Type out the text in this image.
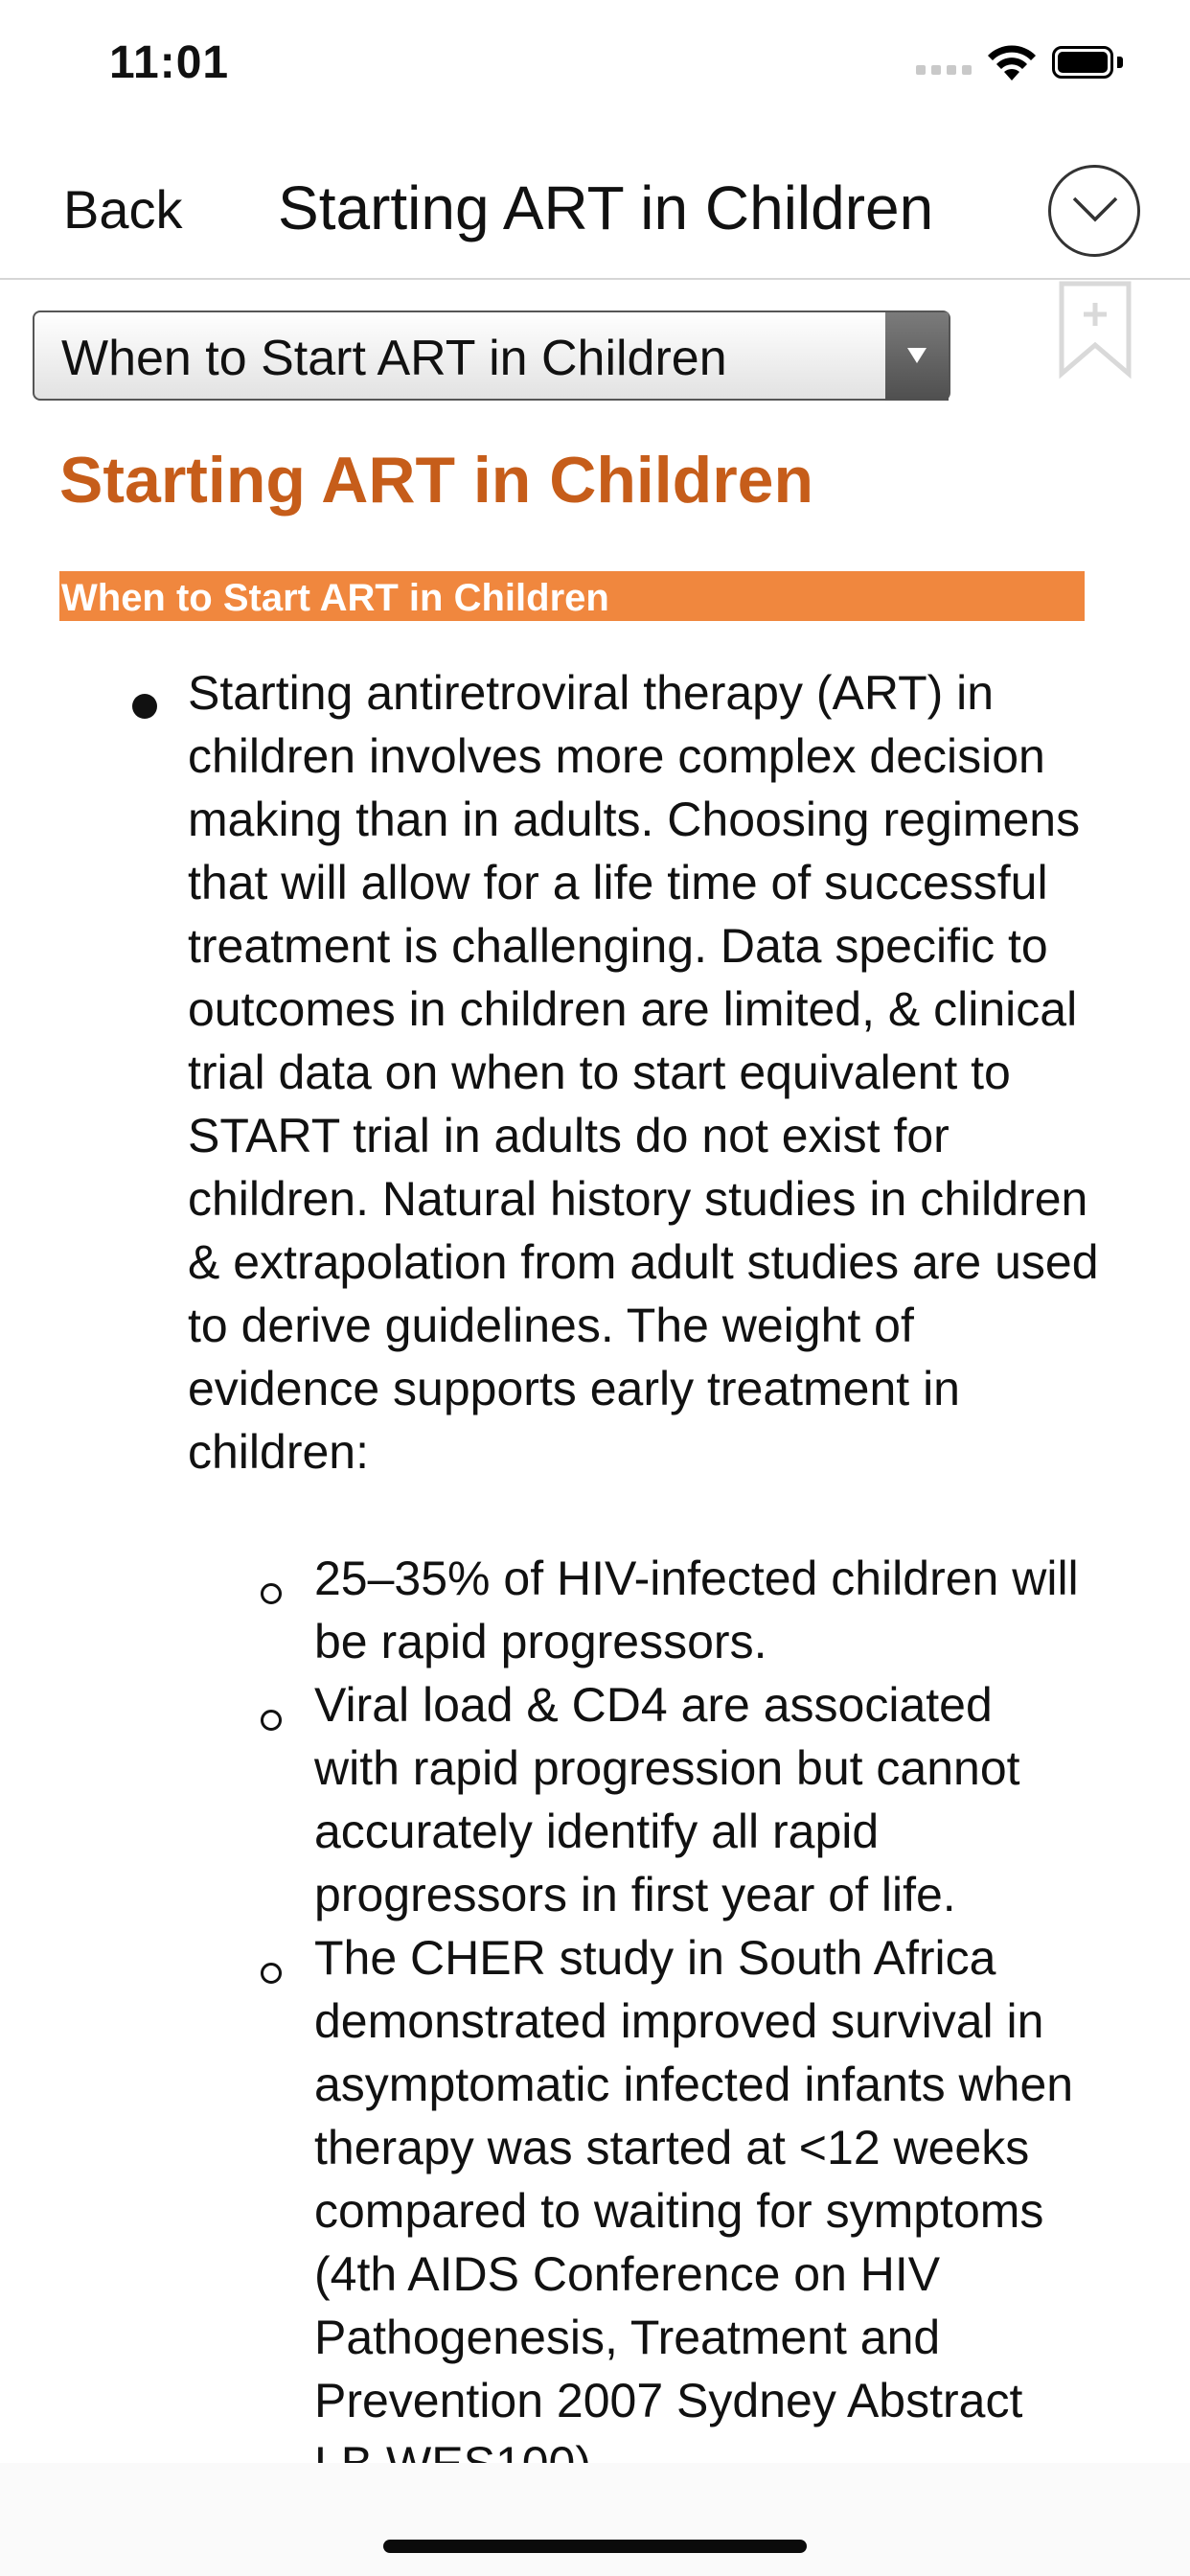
11:01
Back Starting ART in Children
When to Start ART in Children
Starting ART in Children
When to Start ART in Children
Starting antiretroviral therapy (ART) in children involves more complex decision making than in adults. Choosing regimens that will allow for a life time of successful treatment is challenging. Data specific to outcomes in children are limited, & clinical trial data on when to start equivalent to START trial in adults do not exist for children. Natural history studies in children & extrapolation from adult studies are used to derive guidelines. The weight of evidence supports early treatment in children:
25–35% of HIV-infected children will be rapid progressors.
Viral load & CD4 are associated with rapid progression but cannot accurately identify all rapid progressors in first year of life.
The CHER study in South Africa demonstrated improved survival in asymptomatic infected infants when therapy was started at <12 weeks compared to waiting for symptoms (4th AIDS Conference on HIV Pathogenesis, Treatment and Prevention 2007 Sydney Abstract
